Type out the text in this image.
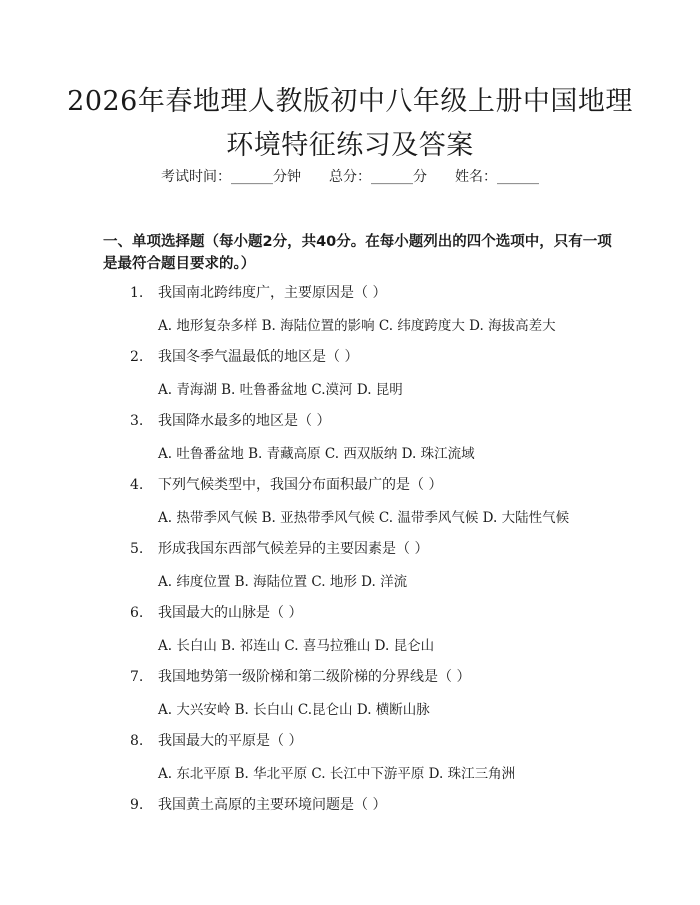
2026年春地理人教版初中八年级上册中国地理环境特征练习及答案
考试时间：______分钟 总分：______分 姓名：______
一、单项选择题（每小题2分，共40分。在每小题列出的四个选项中，只有一项是最符合题目要求的。）
1. 我国南北跨纬度广，主要原因是（ ）
A. 地形复杂多样 B. 海陆位置的影响 C. 纬度跨度大 D. 海拔高差大
2. 我国冬季气温最低的地区是（ ）
A. 青海湖 B. 吐鲁番盆地 C.漠河 D. 昆明
3. 我国降水最多的地区是（ ）
A. 吐鲁番盆地 B. 青藏高原 C. 西双版纳 D. 珠江流域
4. 下列气候类型中，我国分布面积最广的是（ ）
A. 热带季风气候 B. 亚热带季风气候 C. 温带季风气候 D. 大陆性气候
5. 形成我国东西部气候差异的主要因素是（ ）
A. 纬度位置 B. 海陆位置 C. 地形 D. 洋流
6. 我国最大的山脉是（ ）
A. 长白山 B. 祁连山 C. 喜马拉雅山 D. 昆仑山
7. 我国地势第一级阶梯和第二级阶梯的分界线是（ ）
A. 大兴安岭 B. 长白山 C.昆仑山 D. 横断山脉
8. 我国最大的平原是（ ）
A. 东北平原 B. 华北平原 C. 长江中下游平原 D. 珠江三角洲
9. 我国黄土高原的主要环境问题是（ ）
